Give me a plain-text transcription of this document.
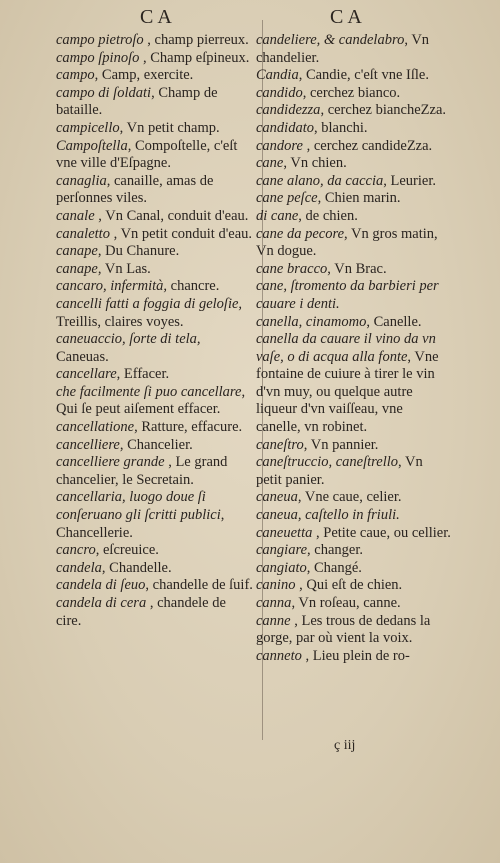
CA	CA

campo pietroſo , champ pierreux.

campo ſpinoſo , Champ eſpineux.

campo, Camp, exercite.

campo di ſoldati, Champ de bataille.

campicello, Vn petit champ.

Campoſtella, Compoſtelle, c'eſt vne ville d'Eſpagne.

canaglia, canaille, amas de perſonnes viles.

canale , Vn Canal, conduit d'eau.

canaletto , Vn petit conduit d'eau.

canape, Du Chanure.

canape, Vn Las.

cancaro, infermità, chancre.

cancelli fatti a foggia di geloſie, Treillis, claires voyes.

caneuaccio, ſorte di tela, Caneuas.

cancellare, Effacer.

che facilmente ſi puo cancellare, Qui ſe peut aiſement effacer.

cancellatione, Ratture, effacure.

cancelliere, Chancelier.

cancelliere grande , Le grand chancelier, le Secretain.

cancellaria, luogo doue ſi conſeruano gli ſcritti publici, Chancellerie.

cancro, eſcreuice.

candela, Chandelle.

candela di ſeuo, chandelle de ſuif.

candela di cera , chandele de cire.

candeliere, & candelabro, Vn chandelier.

Candia, Candie, c'eſt vne Iſle.

candido, cerchez bianco.

candidezza, cerchez biancheZza.

candidato, blanchi.

candore , cerchez candideZza.

cane, Vn chien.

cane alano, da caccia, Leurier.

cane peſce, Chien marin.

di cane, de chien.

cane da pecore, Vn gros matin, Vn dogue.

cane bracco, Vn Brac.

cane, ſtromento da barbieri per cauare i denti.

canella, cinamomo, Canelle.

canella da cauare il vino da vn vaſe, o di acqua alla fonte, Vne fontaine de cuiure à tirer le vin d'vn muy, ou quelque autre liqueur d'vn vaiſſeau, vne canelle, vn robinet.

caneſtro, Vn pannier.

caneſtruccio, caneſtrello, Vn petit panier.

caneua, Vne caue, celier.

caneua, caſtello in friuli.

caneuetta , Petite caue, ou cellier.

cangiare, changer.

cangiato, Changé.

canino , Qui eſt de chien.

canna, Vn roſeau, canne.

canne , Les trous de dedans la gorge, par où vient la voix.

canneto , Lieu plein de ro-

ç iij
